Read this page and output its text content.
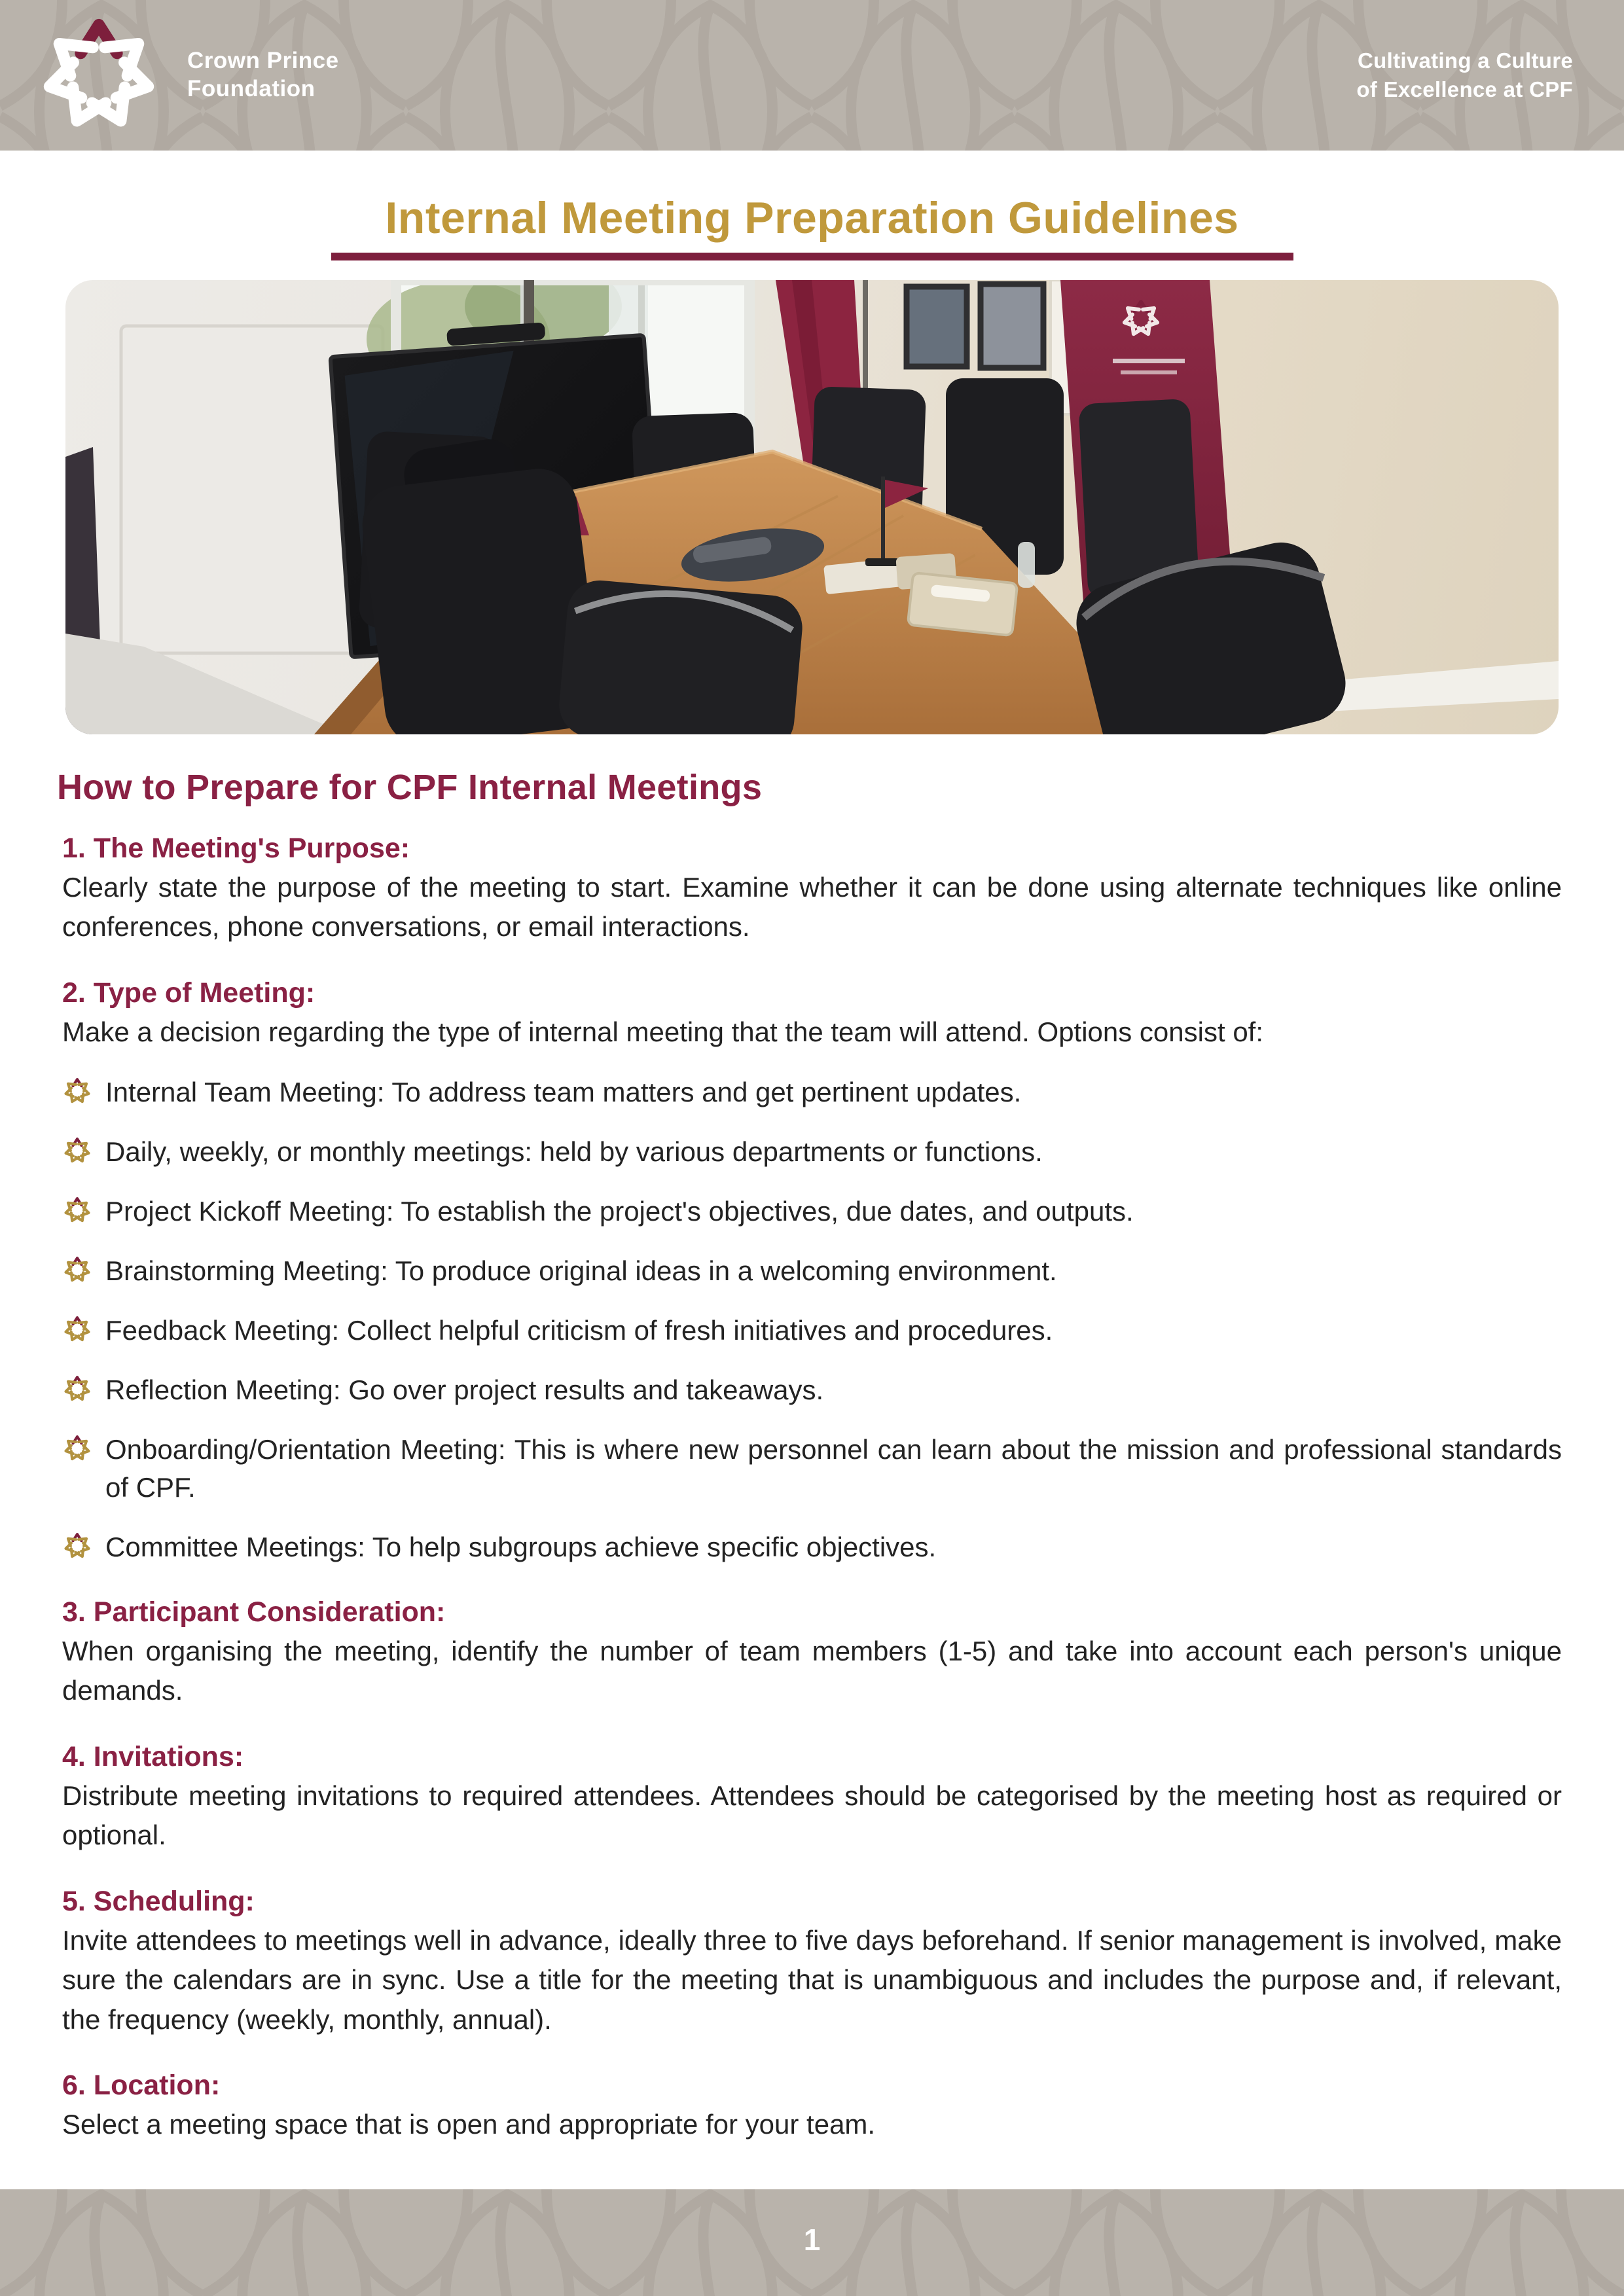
Crown Prince
Foundation
Cultivating a Culture
of Excellence at CPF
Internal Meeting Preparation Guidelines
How to Prepare for CPF Internal Meetings
1. The Meeting's Purpose:

Clearly state the purpose of the meeting to start. Examine whether it can be done using alternate techniques like online conferences, phone conversations, or email interactions.

2. Type of Meeting:

Make a decision regarding the type of internal meeting that the team will attend. Options consist of:

Internal Team Meeting: To address team matters and get pertinent updates.
Daily, weekly, or monthly meetings: held by various departments or functions.
Project Kickoff Meeting: To establish the project's objectives, due dates, and outputs.
Brainstorming Meeting: To produce original ideas in a welcoming environment.
Feedback Meeting: Collect helpful criticism of fresh initiatives and procedures.
Reflection Meeting: Go over project results and takeaways.
Onboarding/Orientation Meeting: This is where new personnel can learn about the mission and professional standards of CPF.
Committee Meetings: To help subgroups achieve specific objectives.
3. Participant Consideration:

When organising the meeting, identify the number of team members (1-5) and take into account each person's unique demands.

4. Invitations:

Distribute meeting invitations to required attendees. Attendees should be categorised by the meeting host as required or optional.

5. Scheduling:

Invite attendees to meetings well in advance, ideally three to five days beforehand. If senior management is involved, make sure the calendars are in sync. Use a title for the meeting that is unambiguous and includes the purpose and, if relevant, the frequency (weekly, monthly, annual).

6. Location:

Select a meeting space that is open and appropriate for your team.

1
